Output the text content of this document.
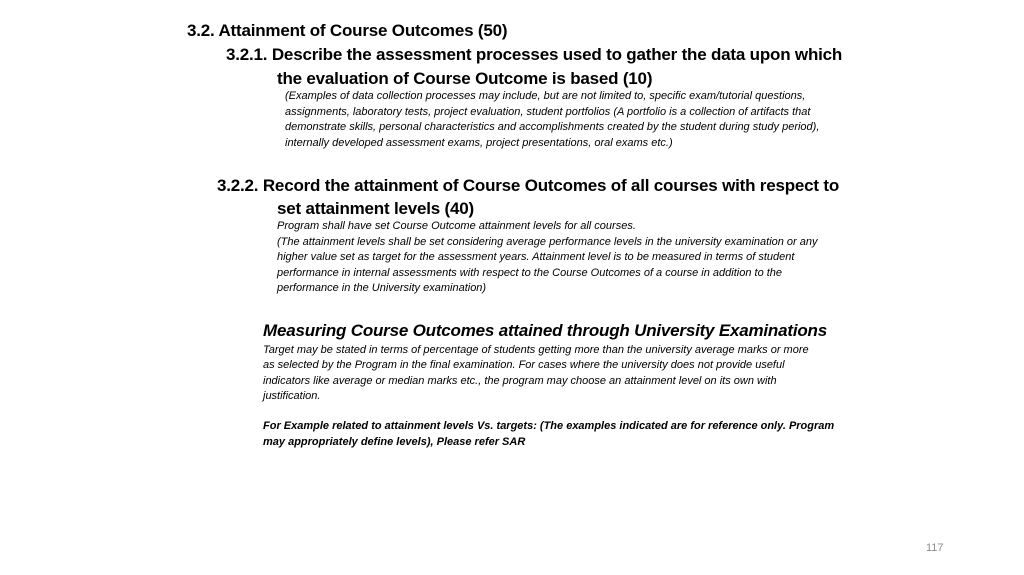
3.2. Attainment of Course Outcomes (50)
3.2.1. Describe the assessment processes used to gather the data upon which
the evaluation of Course Outcome is based (10)
(Examples of data collection processes may include, but are not limited to, specific exam/tutorial questions,
assignments, laboratory tests, project evaluation, student portfolios (A portfolio is a collection of artifacts that
demonstrate skills, personal characteristics and accomplishments created by the student during study period),
internally developed assessment exams, project presentations, oral exams etc.)
3.2.2. Record the attainment of Course Outcomes of all courses with respect to
set attainment levels (40)
Program shall have set Course Outcome attainment levels for all courses.
(The attainment levels shall be set considering average performance levels in the university examination or any
higher value set as target for the assessment years. Attainment level is to be measured in terms of student
performance in internal assessments with respect to the Course Outcomes of a course in addition to the
performance in the University examination)
Measuring Course Outcomes attained through University Examinations
Target may be stated in terms of percentage of students getting more than the university average marks or more
as selected by the Program in the final examination. For cases where the university does not provide useful
indicators like average or median marks etc., the program may choose an attainment level on its own with
justification.
For Example related to attainment levels Vs. targets: (The examples indicated are for reference only. Program
may appropriately define levels), Please refer SAR
117
